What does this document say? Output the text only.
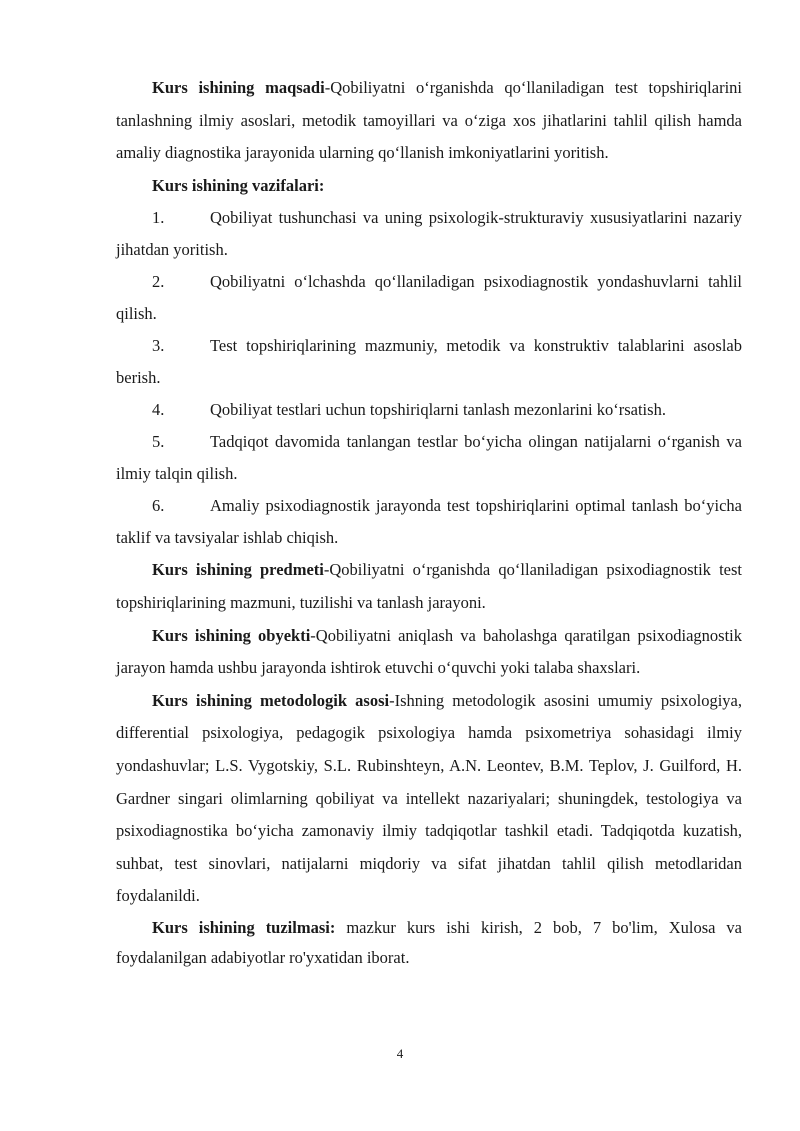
Kurs ishining maqsadi-Qobiliyatni o‘rganishda qo‘llaniladigan test topshiriqlarini tanlashning ilmiy asoslari, metodik tamoyillari va o‘ziga xos jihatlarini tahlil qilish hamda amaliy diagnostika jarayonida ularning qo‘llanish imkoniyatlarini yoritish.

Kurs ishining vazifalari:

1.	Qobiliyat tushunchasi va uning psixologik-strukturaviy xususiyatlarini nazariy jihatdan yoritish.

2.	Qobiliyatni o‘lchashda qo‘llaniladigan psixodiagnostik yondashuvlarni tahlil qilish.

3.	Test topshiriqlarining mazmuniy, metodik va konstruktiv talablarini asoslab berish.

4.	Qobiliyat testlari uchun topshiriqlarni tanlash mezonlarini ko‘rsatish.

5.	Tadqiqot davomida tanlangan testlar bo‘yicha olingan natijalarni o‘rganish va ilmiy talqin qilish.

6.	Amaliy psixodiagnostik jarayonda test topshiriqlarini optimal tanlash bo‘yicha taklif va tavsiyalar ishlab chiqish.

Kurs ishining predmeti-Qobiliyatni o‘rganishda qo‘llaniladigan psixodiagnostik test topshiriqlarining mazmuni, tuzilishi va tanlash jarayoni.

Kurs ishining obyekti-Qobiliyatni aniqlash va baholashga qaratilgan psixodiagnostik jarayon hamda ushbu jarayonda ishtirok etuvchi o‘quvchi yoki talaba shaxslari.

Kurs ishining metodologik asosi-Ishning metodologik asosini umumiy psixologiya, differential psixologiya, pedagogik psixologiya hamda psixometriya sohasidagi ilmiy yondashuvlar; L.S. Vygotskiy, S.L. Rubinshteyn, A.N. Leontev, B.M. Teplov, J. Guilford, H. Gardner singari olimlarning qobiliyat va intellekt nazariyalari; shuningdek, testologiya va psixodiagnostika bo‘yicha zamonaviy ilmiy tadqiqotlar tashkil etadi. Tadqiqotda kuzatish, suhbat, test sinovlari, natijalarni miqdoriy va sifat jihatdan tahlil qilish metodlaridan foydalanildi.

Kurs ishining tuzilmasi: mazkur kurs ishi kirish, 2 bob, 7 bo'lim, Xulosa va foydalanilgan adabiyotlar ro'yxatidan iborat.

4
